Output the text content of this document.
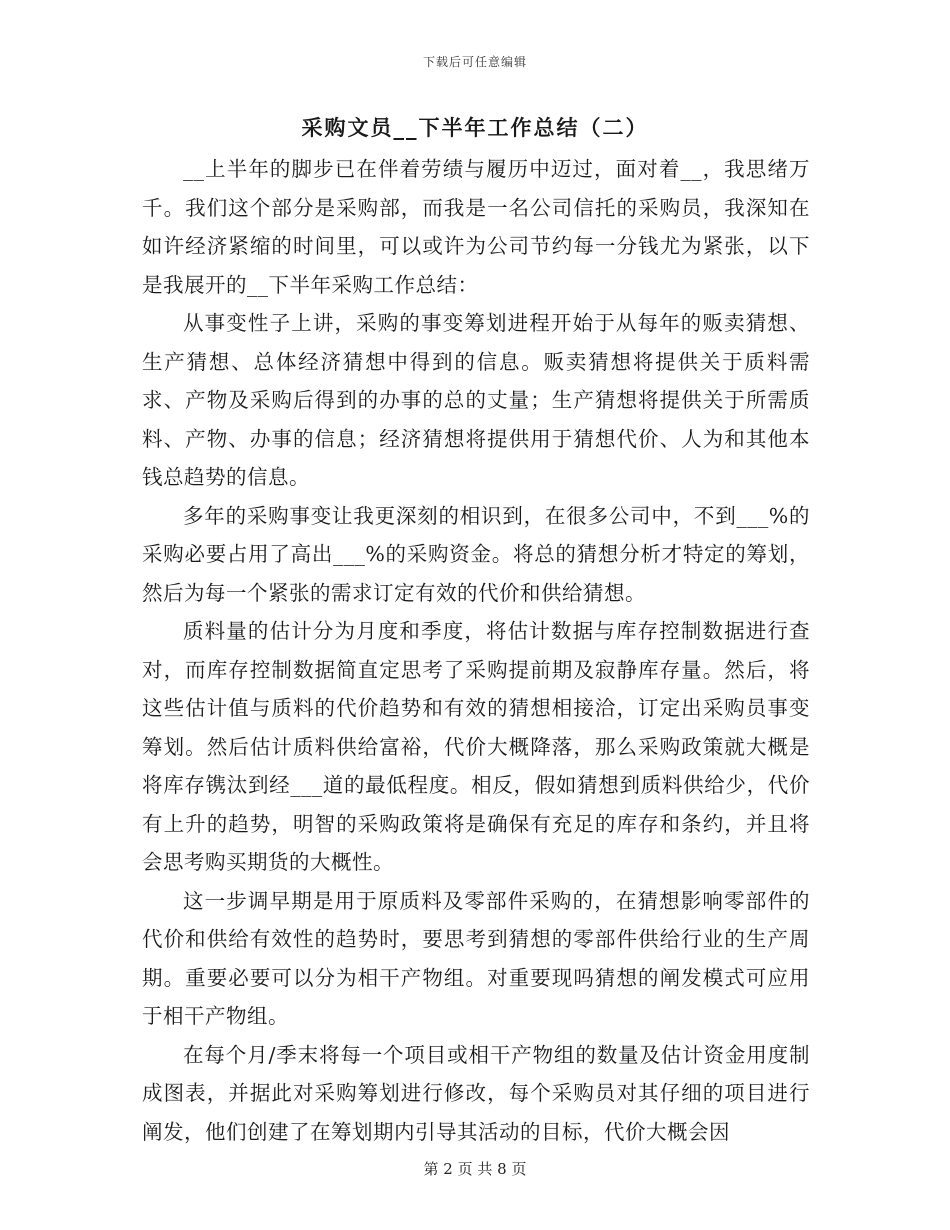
下载后可任意编辑
采购文员__下半年工作总结（二）

__上半年的脚步已在伴着劳绩与履历中迈过，面对着__，我思绪万千。我们这个部分是采购部，而我是一名公司信托的采购员，我深知在如许经济紧缩的时间里，可以或许为公司节约每一分钱尤为紧张，以下是我展开的__下半年采购工作总结：

从事变性子上讲，采购的事变筹划进程开始于从每年的贩卖猜想、生产猜想、总体经济猜想中得到的信息。贩卖猜想将提供关于质料需求、产物及采购后得到的办事的总的丈量；生产猜想将提供关于所需质料、产物、办事的信息；经济猜想将提供用于猜想代价、人为和其他本钱总趋势的信息。

多年的采购事变让我更深刻的相识到，在很多公司中，不到___%的采购必要占用了高出___%的采购资金。将总的猜想分析才特定的筹划，然后为每一个紧张的需求订定有效的代价和供给猜想。

质料量的估计分为月度和季度，将估计数据与库存控制数据进行查对，而库存控制数据简直定思考了采购提前期及寂静库存量。然后，将这些估计值与质料的代价趋势和有效的猜想相接洽，订定出采购员事变筹划。然后估计质料供给富裕，代价大概降落，那么采购政策就大概是将库存镌汰到经___道的最低程度。相反，假如猜想到质料供给少，代价有上升的趋势，明智的采购政策将是确保有充足的库存和条约，并且将会思考购买期货的大概性。

这一步调早期是用于原质料及零部件采购的，在猜想影响零部件的代价和供给有效性的趋势时，要思考到猜想的零部件供给行业的生产周期。重要必要可以分为相干产物组。对重要现吗猜想的阐发模式可应用于相干产物组。

在每个月/季末将每一个项目或相干产物组的数量及估计资金用度制成图表，并据此对采购筹划进行修改，每个采购员对其仔细的项目进行阐发，他们创建了在筹划期内引导其活动的目标，代价大概会因

第 2 页 共 8 页
